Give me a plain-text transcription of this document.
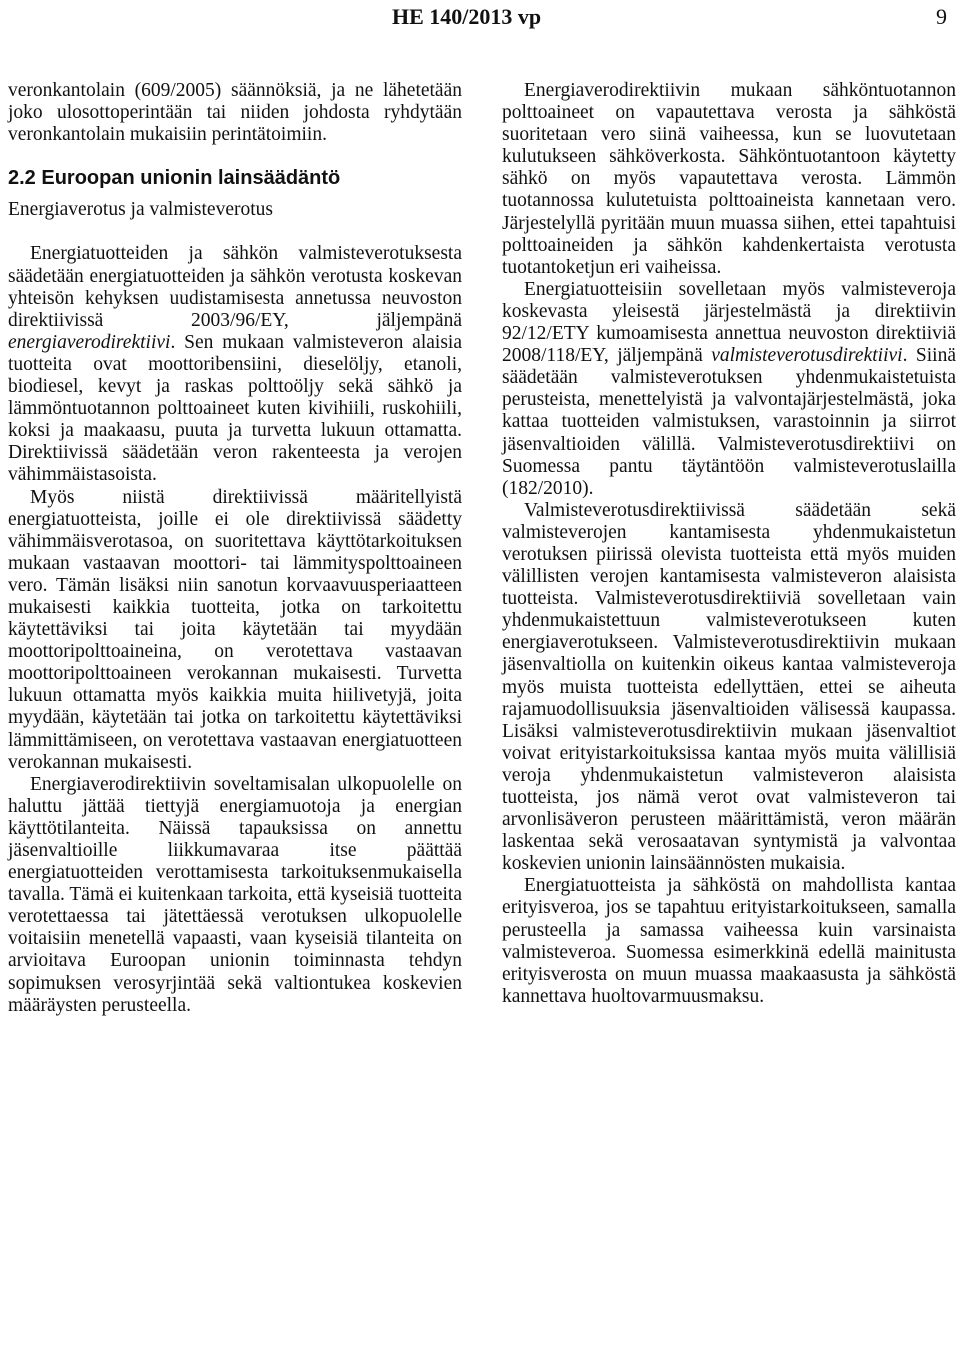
HE 140/2013 vp	9

veronkantolain (609/2005) säännöksiä, ja ne lähetetään joko ulosottoperintään tai niiden johdosta ryhdytään veronkantolain mukaisiin perintätoimiin.

2.2 Euroopan unionin lainsäädäntö
Energiaverotus ja valmisteverotus

Energiatuotteiden ja sähkön valmisteverotuksesta säädetään energiatuotteiden ja sähkön verotusta koskevan yhteisön kehyksen uudistamisesta annetussa neuvoston direktiivissä 2003/96/EY, jäljempänä energiaverodirektiivi. Sen mukaan valmisteveron alaisia tuotteita ovat moottoribensiini, dieselöljy, etanoli, biodiesel, kevyt ja raskas polttoöljy sekä sähkö ja lämmöntuotannon polttoaineet kuten kivihiili, ruskohiili, koksi ja maakaasu, puuta ja turvetta lukuun ottamatta. Direktiivissä säädetään veron rakenteesta ja verojen vähimmäistasoista.

Myös niistä direktiivissä määritellyistä energiatuotteista, joille ei ole direktiivissä säädetty vähimmäisverotasoa, on suoritettava käyttötarkoituksen mukaan vastaavan moottori- tai lämmityspolttoaineen vero. Tämän lisäksi niin sanotun korvaavuusperiaatteen mukaisesti kaikkia tuotteita, jotka on tarkoitettu käytettäviksi tai joita käytetään tai myydään moottoripolttoaineina, on verotettava vastaavan moottoripolttoaineen verokannan mukaisesti. Turvetta lukuun ottamatta myös kaikkia muita hiilivetyjä, joita myydään, käytetään tai jotka on tarkoitettu käytettäviksi lämmittämiseen, on verotettava vastaavan energiatuotteen verokannan mukaisesti.

Energiaverodirektiivin soveltamisalan ulkopuolelle on haluttu jättää tiettyjä energiamuotoja ja energian käyttötilanteita. Näissä tapauksissa on annettu jäsenvaltioille liikkumavaraa itse päättää energiatuotteiden verottamisesta tarkoituksenmukaisella tavalla. Tämä ei kuitenkaan tarkoita, että kyseisiä tuotteita verotettaessa tai jätettäessä verotuksen ulkopuolelle voitaisiin menetellä vapaasti, vaan kyseisiä tilanteita on arvioitava Euroopan unionin toiminnasta tehdyn sopimuksen verosyrjintää sekä valtiontukea koskevien määräysten perusteella.

Energiaverodirektiivin mukaan sähköntuotannon polttoaineet on vapautettava verosta ja sähköstä suoritetaan vero siinä vaiheessa, kun se luovutetaan kulutukseen sähköverkosta. Sähköntuotantoon käytetty sähkö on myös vapautettava verosta. Lämmön tuotannossa kulutetuista polttoaineista kannetaan vero. Järjestelyllä pyritään muun muassa siihen, ettei tapahtuisi polttoaineiden ja sähkön kahdenkertaista verotusta tuotantoketjun eri vaiheissa.

Energiatuotteisiin sovelletaan myös valmisteveroja koskevasta yleisestä järjestelmästä ja direktiivin 92/12/ETY kumoamisesta annettua neuvoston direktiiviä 2008/118/EY, jäljempänä valmisteverotusdirektiivi. Siinä säädetään valmisteverotuksen yhdenmukaistetuista perusteista, menettelyistä ja valvontajärjestelmästä, joka kattaa tuotteiden valmistuksen, varastoinnin ja siirrot jäsenvaltioiden välillä. Valmisteverotusdirektiivi on Suomessa pantu täytäntöön valmisteverotuslailla (182/2010).

Valmisteverotusdirektiivissä säädetään sekä valmisteverojen kantamisesta yhdenmukaistetun verotuksen piirissä olevista tuotteista että myös muiden välillisten verojen kantamisesta valmisteveron alaisista tuotteista. Valmisteverotusdirektiiviä sovelletaan vain yhdenmukaistettuun valmisteverotukseen kuten energiaverotukseen. Valmisteverotusdirektiivin mukaan jäsenvaltiolla on kuitenkin oikeus kantaa valmisteveroja myös muista tuotteista edellyttäen, ettei se aiheuta rajamuodollisuuksia jäsenvaltioiden välisessä kaupassa. Lisäksi valmisteverotusdirektiivin mukaan jäsenvaltiot voivat erityistarkoituksissa kantaa myös muita välillisiä veroja yhdenmukaistetun valmisteveron alaisista tuotteista, jos nämä verot ovat valmisteveron tai arvonlisäveron perusteen määrittämistä, veron määrän laskentaa sekä verosaatavan syntymistä ja valvontaa koskevien unionin lainsäännösten mukaisia.

Energiatuotteista ja sähköstä on mahdollista kantaa erityisveroa, jos se tapahtuu erityistarkoitukseen, samalla perusteella ja samassa vaiheessa kuin varsinaista valmisteveroa. Suomessa esimerkkinä edellä mainitusta erityisverosta on muun muassa maakaasusta ja sähköstä kannettava huoltovarmuusmaksu.
